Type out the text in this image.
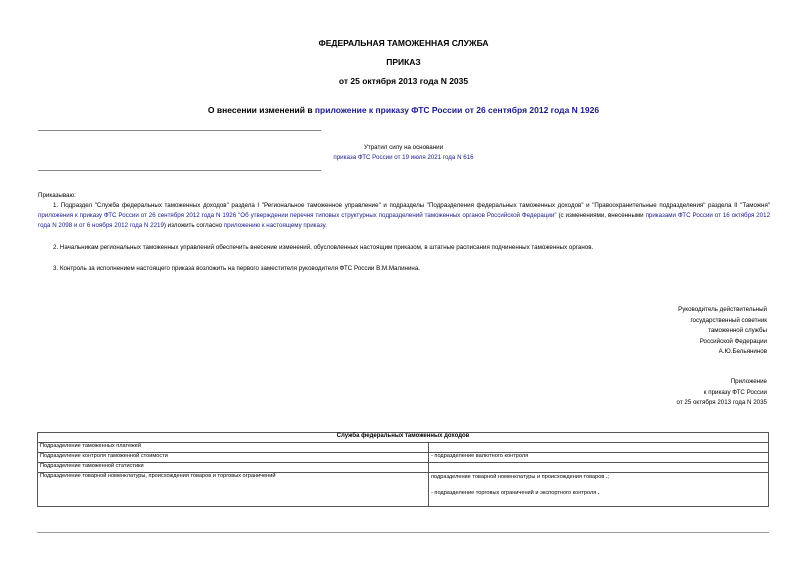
ФЕДЕРАЛЬНАЯ ТАМОЖЕННАЯ СЛУЖБА
ПРИКАЗ
от 25 октября 2013 года N 2035
О внесении изменений в приложение к приказу ФТС России от 26 сентября 2012 года N 1926
Утратил силу на основании
приказа ФТС России от 19 июля 2021 года N 616
Приказываю:
1. Подраздел "Служба федеральных таможенных доходов" раздела I "Региональное таможенное управление" и подразделы "Подразделения федеральных таможенных доходов" и "Правоохранительные подразделения" раздела II "Таможня" приложения к приказу ФТС России от 26 сентября 2012 года N 1926 "Об утверждении перечня типовых структурных подразделений таможенных органов Российской Федерации" (с изменениями, внесенными приказами ФТС России от 16 октября 2012 года N 2098 и от 6 ноября 2012 года N 2219) изложить согласно приложению к настоящему приказу.
2. Начальникам региональных таможенных управлений обеспечить внесение изменений, обусловленных настоящим приказом, в штатные расписания подчиненных таможенных органов.
3. Контроль за исполнением настоящего приказа возложить на первого заместителя руководителя ФТС России В.М.Малинина.
Руководитель действительный
государственный советник
таможенной службы
Российской Федерации
А.Ю.Бельянинов
Приложение
к приказу ФТС России
от 25 октября 2013 года N 2035
Служба федеральных таможенных доходов	
Подразделение таможенных платежей	
Подразделение контроля таможенной стоимости	- подразделение валютного контроля
Подразделение таможенной статистики	
Подразделение товарной номенклатуры, происхождения товаров и торговых ограничений	подразделение товарной номенклатуры и происхождения товаров .;
- подразделение торговых ограничений и экспортного контроля .
